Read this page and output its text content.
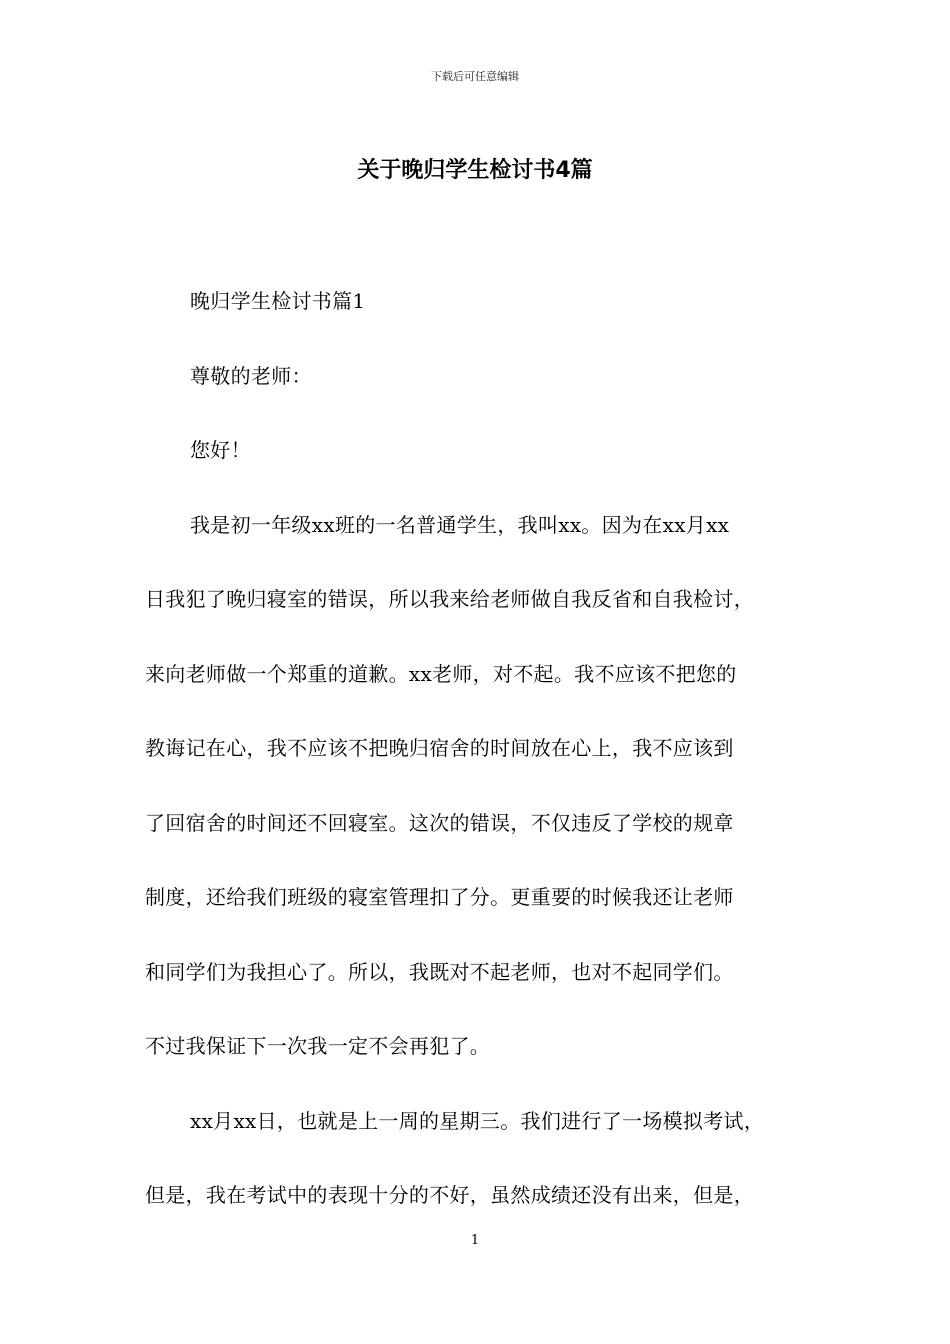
下载后可任意编辑
关于晚归学生检讨书4篇
晚归学生检讨书篇1
尊敬的老师：
您好！
我是初一年级xx班的一名普通学生，我叫xx。因为在xx月xx
日我犯了晚归寝室的错误，所以我来给老师做自我反省和自我检讨，
来向老师做一个郑重的道歉。xx老师，对不起。我不应该不把您的
教诲记在心，我不应该不把晚归宿舍的时间放在心上，我不应该到
了回宿舍的时间还不回寝室。这次的错误，不仅违反了学校的规章
制度，还给我们班级的寝室管理扣了分。更重要的时候我还让老师
和同学们为我担心了。所以，我既对不起老师，也对不起同学们。
不过我保证下一次我一定不会再犯了。
xx月xx日，也就是上一周的星期三。我们进行了一场模拟考试，
但是，我在考试中的表现十分的不好，虽然成绩还没有出来，但是，
1
